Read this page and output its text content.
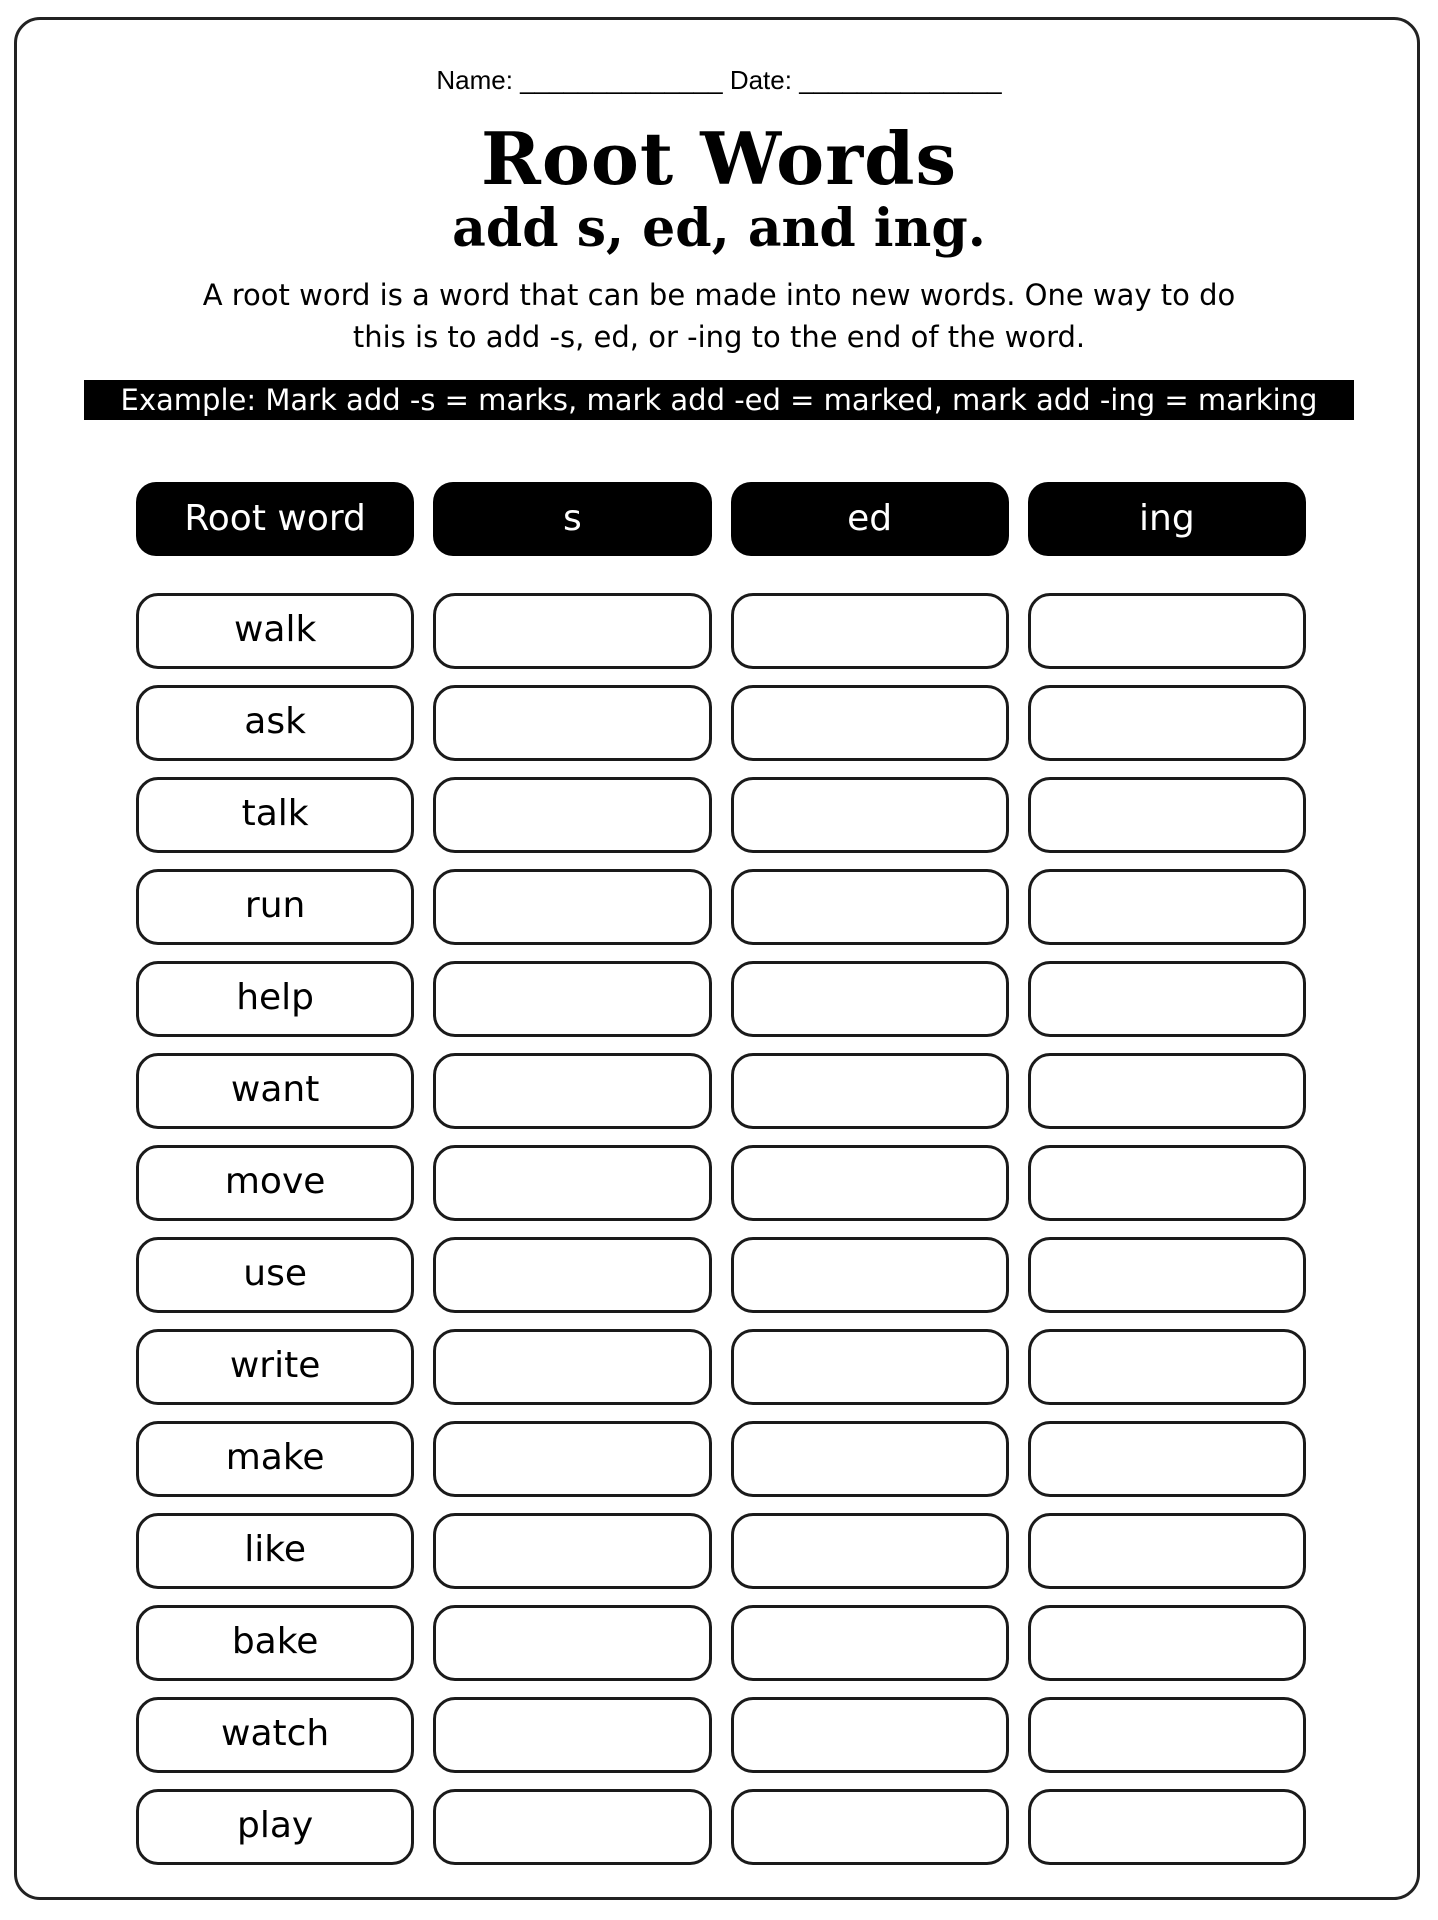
Name: ______________ Date: ______________
Root Words
add s, ed, and ing.
A root word is a word that can be made into new words. One way to do
this is to add -s, ed, or -ing to the end of the word.
Example: Mark add -s = marks, mark add -ed = marked, mark add -ing = marking
Root word	s	ed	ing
walk
ask
talk
run
help
want
move
use
write
make
like
bake
watch
play
